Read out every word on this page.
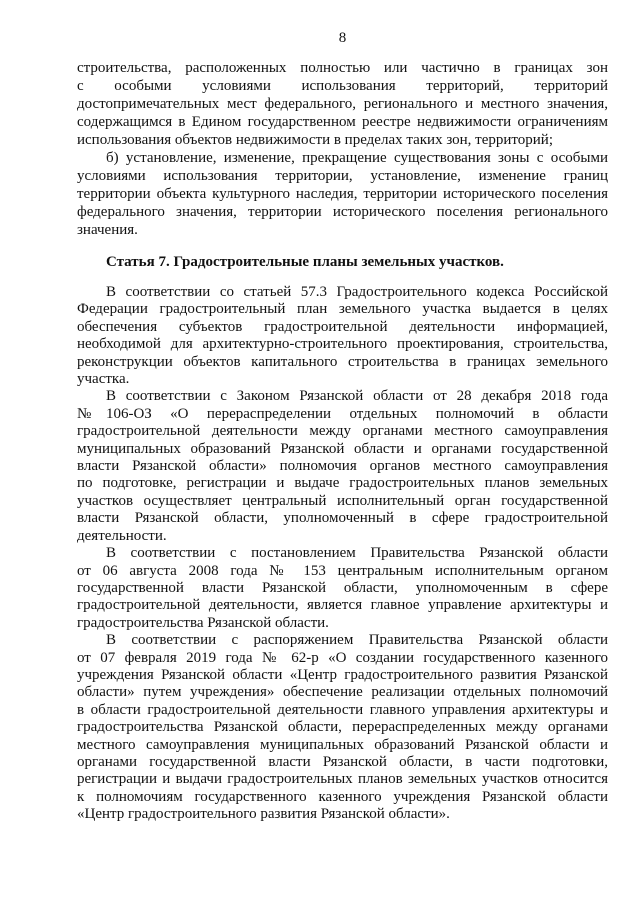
8
строительства, расположенных полностью или частично в границах зон
с особыми условиями использования территорий, территорий
достопримечательных мест федерального, регионального и местного значения,
содержащимся в Едином государственном реестре недвижимости ограничениям
использования объектов недвижимости в пределах таких зон, территорий;
б) установление, изменение, прекращение существования зоны с особыми
условиями использования территории, установление, изменение границ
территории объекта культурного наследия, территории исторического поселения
федерального значения, территории исторического поселения регионального
значения.
Статья 7. Градостроительные планы земельных участков.
В соответствии со статьей 57.3 Градостроительного кодекса Российской
Федерации градостроительный план земельного участка выдается в целях
обеспечения субъектов градостроительной деятельности информацией,
необходимой для архитектурно-строительного проектирования, строительства,
реконструкции объектов капитального строительства в границах земельного
участка.
В соответствии с Законом Рязанской области от 28 декабря 2018 года
№106-ОЗ «О перераспределении отдельных полномочий в области
градостроительной деятельности между органами местного самоуправления
муниципальных образований Рязанской области и органами государственной
власти Рязанской области» полномочия органов местного самоуправления
по подготовке, регистрации и выдаче градостроительных планов земельных
участков осуществляет центральный исполнительный орган государственной
власти Рязанской области, уполномоченный в сфере градостроительной
деятельности.
В соответствии с постановлением Правительства Рязанской области
от 06 августа 2008 года № 153 центральным исполнительным органом
государственной власти Рязанской области, уполномоченным в сфере
градостроительной деятельности, является главное управление архитектуры и
градостроительства Рязанской области.
В соответствии с распоряжением Правительства Рязанской области
от 07 февраля 2019 года № 62-р «О создании государственного казенного
учреждения Рязанской области «Центр градостроительного развития Рязанской
области» путем учреждения» обеспечение реализации отдельных полномочий
в области градостроительной деятельности главного управления архитектуры и
градостроительства Рязанской области, перераспределенных между органами
местного самоуправления муниципальных образований Рязанской области и
органами государственной власти Рязанской области, в части подготовки,
регистрации и выдачи градостроительных планов земельных участков относится
к полномочиям государственного казенного учреждения Рязанской области
«Центр градостроительного развития Рязанской области».
